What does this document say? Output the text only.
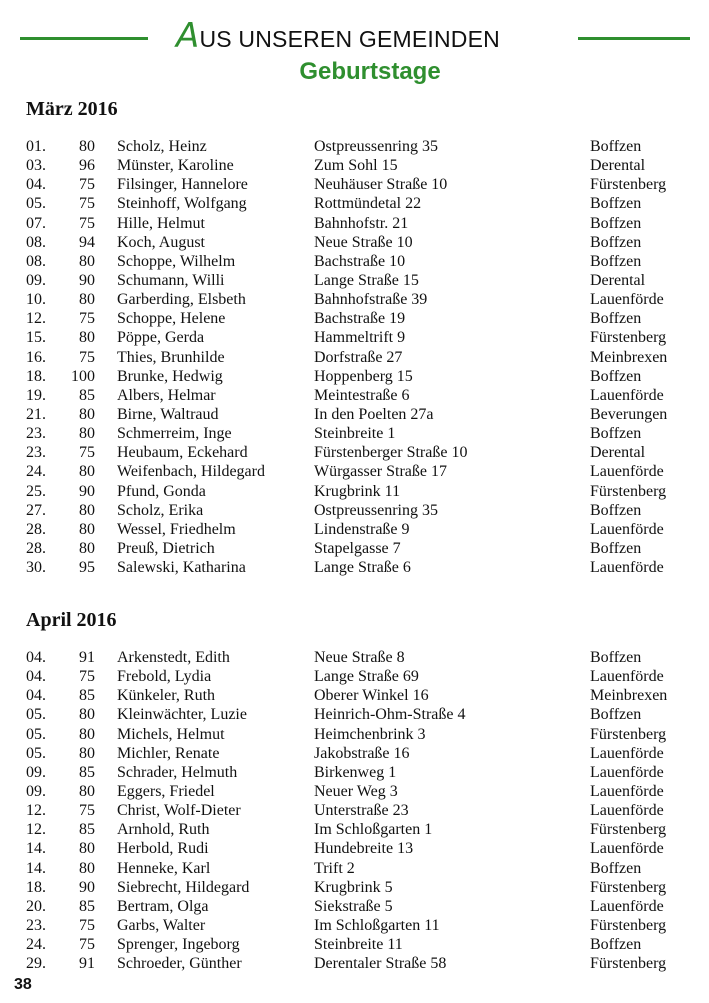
AUS UNSEREN GEMEINDEN
Geburtstage
März 2016
01.	80 Scholz, Heinz	Ostpreussenring 35	Boffzen
03.	96 Münster, Karoline	Zum Sohl 15	Derental
04.	75 Filsinger, Hannelore	Neuhäuser Straße 10	Fürstenberg
05.	75 Steinhoff, Wolfgang	Rottmündetal 22	Boffzen
07.	75 Hille, Helmut	Bahnhofstr. 21	Boffzen
08.	94 Koch, August	Neue Straße 10	Boffzen
08.	80 Schoppe, Wilhelm	Bachstraße 10	Boffzen
09.	90 Schumann, Willi	Lange Straße 15	Derental
10.	80 Garberding, Elsbeth	Bahnhofstraße 39	Lauenförde
12.	75 Schoppe, Helene	Bachstraße 19	Boffzen
15.	80 Pöppe, Gerda	Hammeltrift 9	Fürstenberg
16.	75 Thies, Brunhilde	Dorfstraße 27	Meinbrexen
18. 100 Brunke, Hedwig	Hoppenberg 15	Boffzen
19.	85 Albers, Helmar	Meintestraße 6	Lauenförde
21.	80 Birne, Waltraud	In den Poelten 27a	Beverungen
23.	80 Schmerreim, Inge	Steinbreite 1	Boffzen
23.	75 Heubaum, Eckehard	Fürstenberger Straße 10	Derental
24.	80 Weifenbach, Hildegard	Würgasser Straße 17	Lauenförde
25.	90 Pfund, Gonda	Krugbrink 11	Fürstenberg
27.	80 Scholz, Erika	Ostpreussenring 35	Boffzen
28.	80 Wessel, Friedhelm	Lindenstraße 9	Lauenförde
28.	80 Preuß, Dietrich	Stapelgasse 7	Boffzen
30.	95 Salewski, Katharina	Lange Straße 6	Lauenförde
April 2016
04.	91 Arkenstedt, Edith	Neue Straße 8	Boffzen
04.	75 Frebold, Lydia	Lange Straße 69	Lauenförde
04.	85 Künkeler, Ruth	Oberer Winkel 16	Meinbrexen
05.	80 Kleinwächter, Luzie	Heinrich-Ohm-Straße 4	Boffzen
05.	80 Michels, Helmut	Heimchenbrink 3	Fürstenberg
05.	80 Michler, Renate	Jakobstraße 16	Lauenförde
09.	85 Schrader, Helmuth	Birkenweg 1	Lauenförde
09.	80 Eggers, Friedel	Neuer Weg 3	Lauenförde
12.	75 Christ, Wolf-Dieter	Unterstraße 23	Lauenförde
12.	85 Arnhold, Ruth	Im Schloßgarten 1	Fürstenberg
14.	80 Herbold, Rudi	Hundebreite 13	Lauenförde
14.	80 Henneke, Karl	Trift 2	Boffzen
18.	90 Siebrecht, Hildegard	Krugbrink 5	Fürstenberg
20.	85 Bertram, Olga	Siekstraße 5	Lauenförde
23.	75 Garbs, Walter	Im Schloßgarten 11	Fürstenberg
24.	75 Sprenger, Ingeborg	Steinbreite 11	Boffzen
29.	91 Schroeder, Günther	Derentaler Straße 58	Fürstenberg
38
